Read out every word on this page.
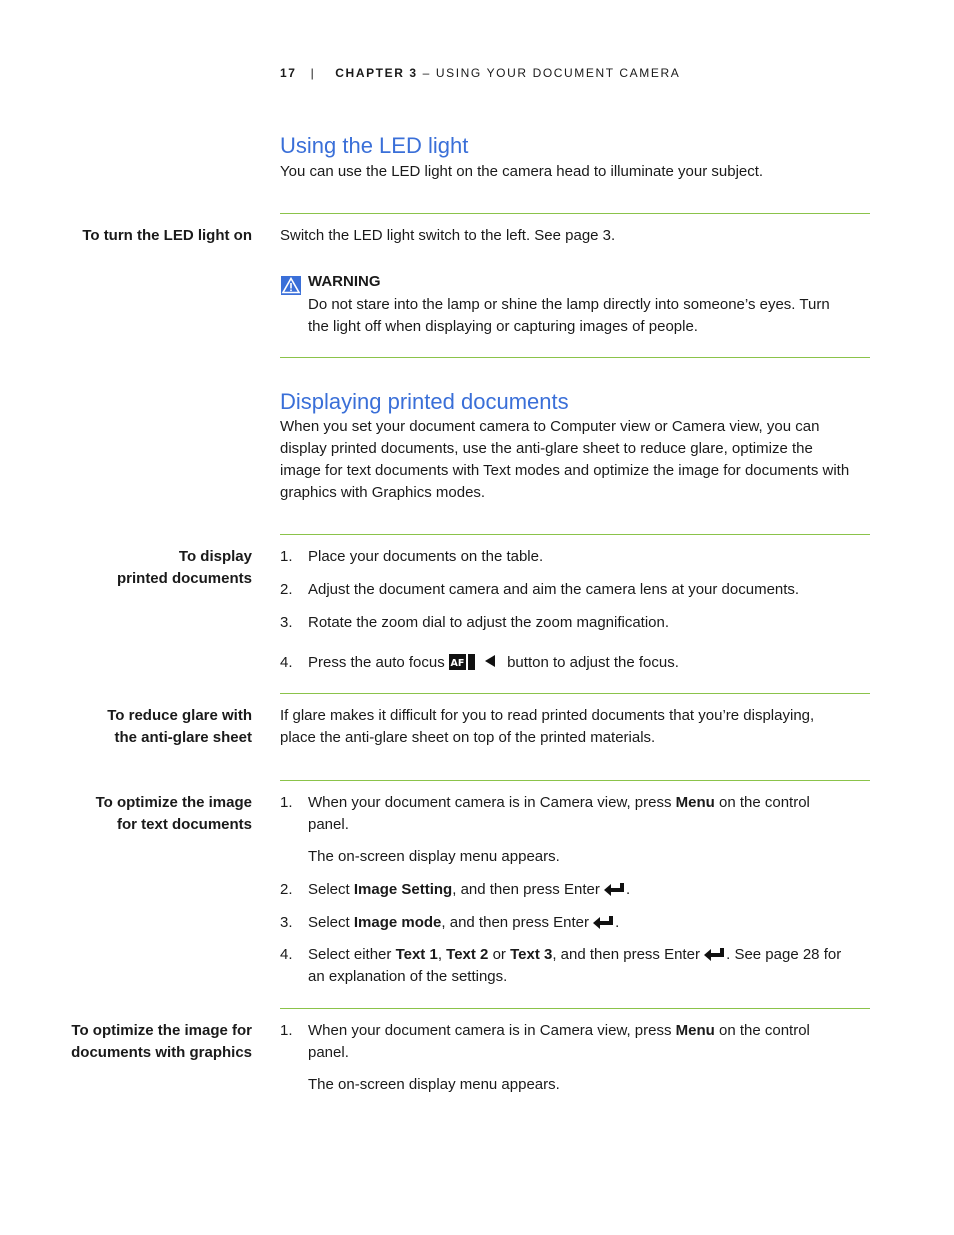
17 | CHAPTER 3 – USING YOUR DOCUMENT CAMERA
Using the LED light
You can use the LED light on the camera head to illuminate your subject.
To turn the LED light on Switch the LED light switch to the left. See page 3.
WARNING
Do not stare into the lamp or shine the lamp directly into someone’s eyes. Turn
the light off when displaying or capturing images of people.
Displaying printed documents
When you set your document camera to Computer view or Camera view, you can
display printed documents, use the anti-glare sheet to reduce glare, optimize the
image for text documents with Text modes and optimize the image for documents with
graphics with Graphics modes.
To display
printed documents
1. Place your documents on the table.
2. Adjust the document camera and aim the camera lens at your documents.
3. Rotate the zoom dial to adjust the zoom magnification.
4. Press the auto focus AF	button to adjust the focus.
To reduce glare with
the anti-glare sheet
If glare makes it difficult for you to read printed documents that you’re displaying,
place the anti-glare sheet on top of the printed materials.
To optimize the image
for text documents
1. When your document camera is in Camera view, press Menu on the control
panel.
The on-screen display menu appears.
2. Select Image Setting, and then press Enter .
3. Select Image mode, and then press Enter .
4. Select either Text 1, Text 2 or Text 3, and then press Enter . See page 28 for
an explanation of the settings.
To optimize the image for
documents with graphics
1. When your document camera is in Camera view, press Menu on the control
panel.
The on-screen display menu appears.
